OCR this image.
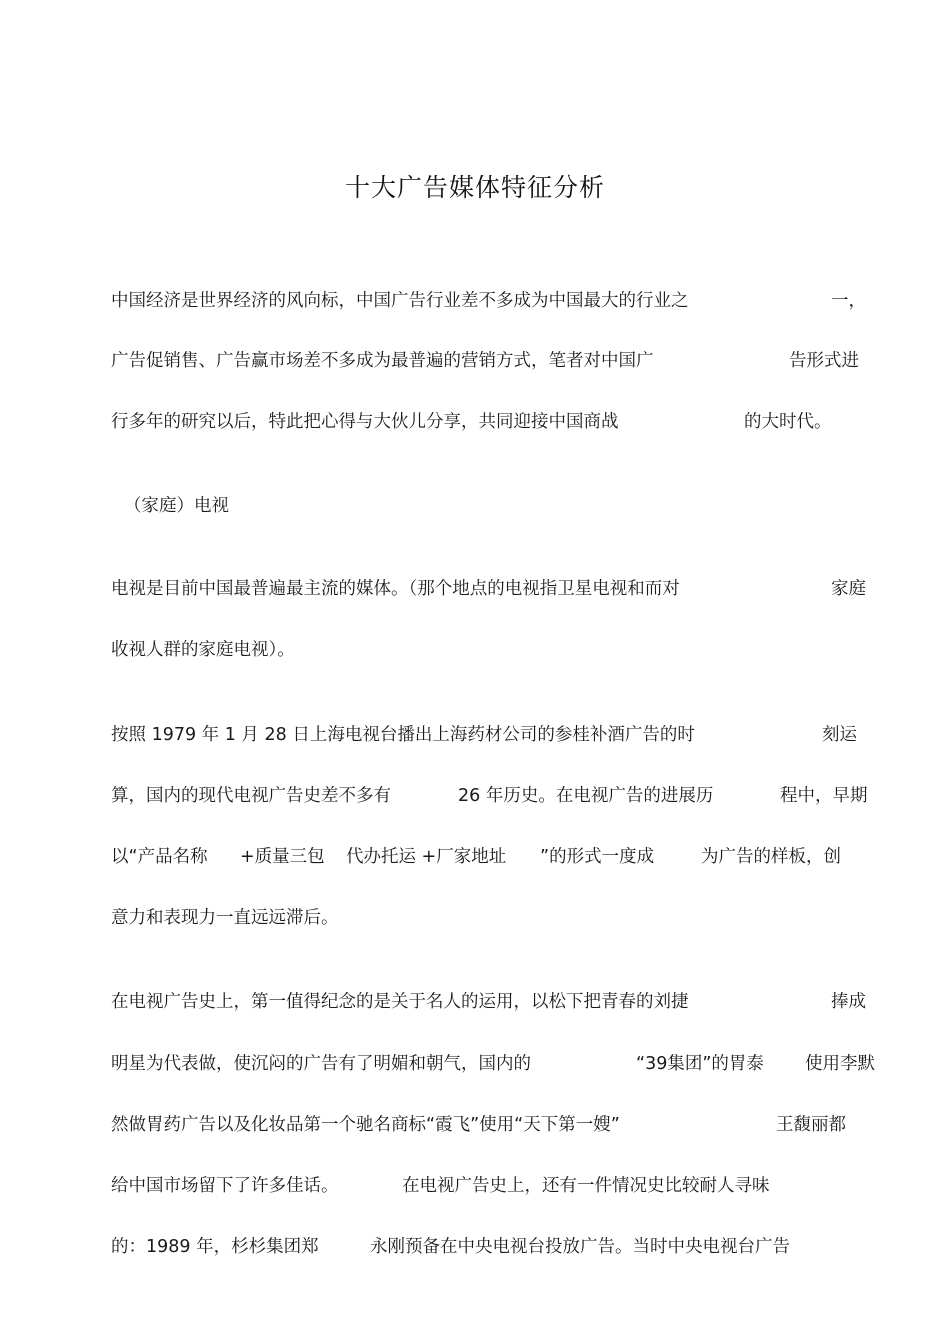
十大广告媒体特征分析
中国经济是世界经济的风向标，中国广告行业差不多成为中国最大的行业之	一，
广告促销售、广告赢市场差不多成为最普遍的营销方式，笔者对中国广	告形式进
行多年的研究以后，特此把心得与大伙儿分享，共同迎接中国商战	的大时代。
（家庭）电视
电视是目前中国最普遍最主流的媒体。（那个地点的电视指卫星电视和而对	家庭
收视人群的家庭电视）。
按照 1979 年 1 月 28 日上海电视台播出上海药材公司的参桂补酒广告的时	刻运
算，国内的现代电视广告史差不多有	26 年历史。在电视广告的进展历	程中，早期
以“产品名称 +质量三包 代办托运 +厂家地址 ”的形式一度成	为广告的样板，创
意力和表现力一直远远滞后。
在电视广告史上，第一值得纪念的是关于名人的运用，以松下把青春的刘捷	捧成
明星为代表做，使沉闷的广告有了明媚和朝气，国内的	“39集团”的胃泰 使用李默
然做胃药广告以及化妆品第一个驰名商标“霞飞”使用“天下第一嫂”	王馥丽都
给中国市场留下了许多佳话。	在电视广告史上，还有一件情况史比较耐人寻味
的：1989 年，杉杉集团郑	永刚预备在中央电视台投放广告。当时中央电视台广告
